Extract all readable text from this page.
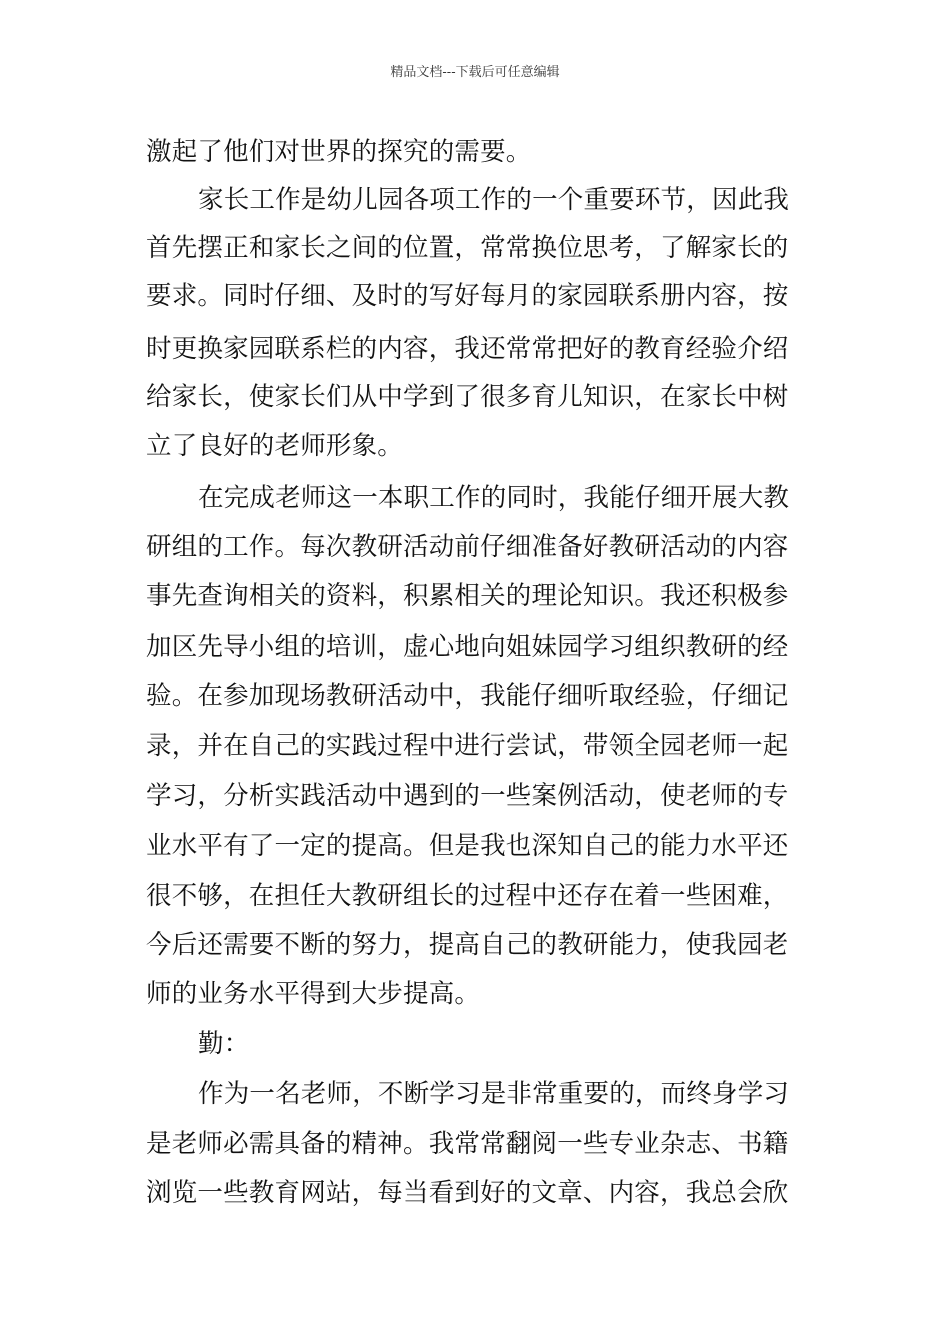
精品文档---下载后可任意编辑
激起了他们对世界的探究的需要。
家长工作是幼儿园各项工作的一个重要环节，因此我
首先摆正和家长之间的位置，常常换位思考，了解家长的
要求。同时仔细、及时的写好每月的家园联系册内容，按
时更换家园联系栏的内容，我还常常把好的教育经验介绍
给家长，使家长们从中学到了很多育儿知识，在家长中树
立了良好的老师形象。
在完成老师这一本职工作的同时，我能仔细开展大教
研组的工作。每次教研活动前仔细准备好教研活动的内容
事先查询相关的资料，积累相关的理论知识。我还积极参
加区先导小组的培训，虚心地向姐妹园学习组织教研的经
验。在参加现场教研活动中，我能仔细听取经验，仔细记
录，并在自己的实践过程中进行尝试，带领全园老师一起
学习，分析实践活动中遇到的一些案例活动，使老师的专
业水平有了一定的提高。但是我也深知自己的能力水平还
很不够，在担任大教研组长的过程中还存在着一些困难，
今后还需要不断的努力，提高自己的教研能力，使我园老
师的业务水平得到大步提高。
勤：
作为一名老师，不断学习是非常重要的，而终身学习
是老师必需具备的精神。我常常翻阅一些专业杂志、书籍
浏览一些教育网站，每当看到好的文章、内容，我总会欣
